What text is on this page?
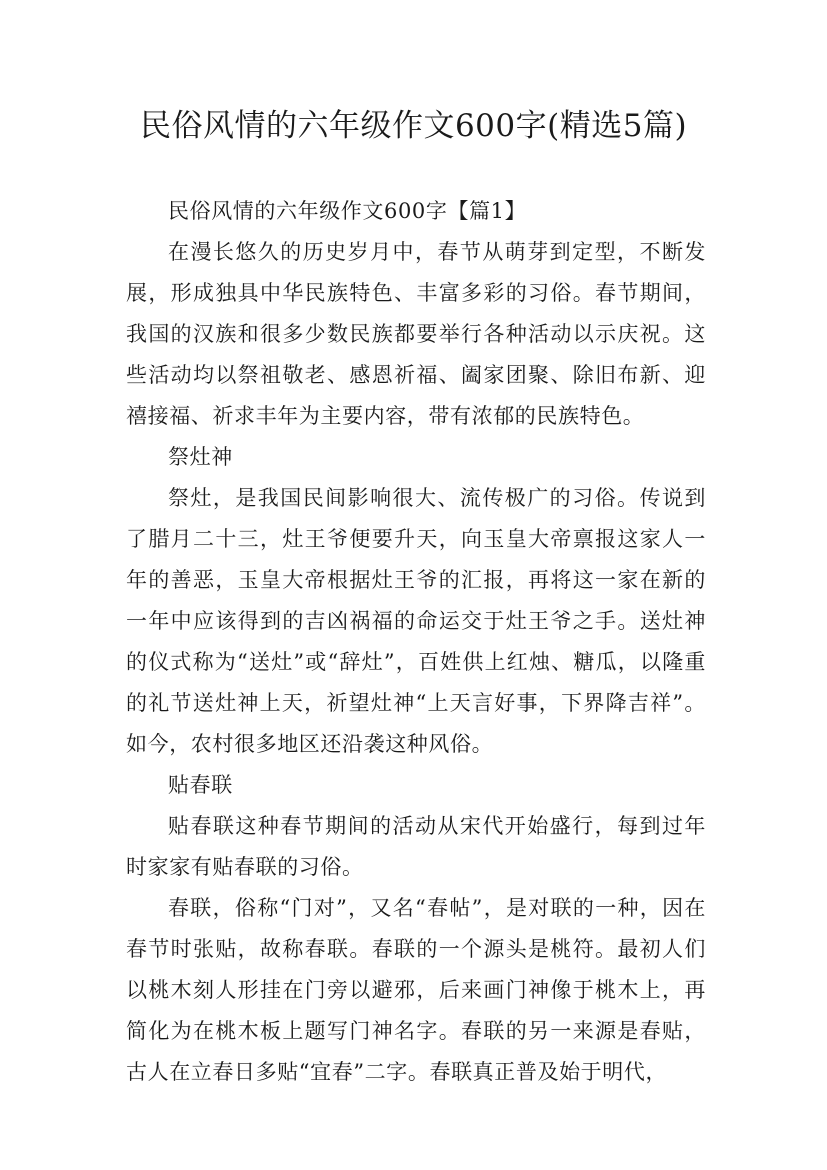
民俗风情的六年级作文600字(精选5篇)

民俗风情的六年级作文600字【篇1】

在漫长悠久的历史岁月中，春节从萌芽到定型，不断发展，形成独具中华民族特色、丰富多彩的习俗。春节期间，我国的汉族和很多少数民族都要举行各种活动以示庆祝。这些活动均以祭祖敬老、感恩祈福、阖家团聚、除旧布新、迎禧接福、祈求丰年为主要内容，带有浓郁的民族特色。

祭灶神

祭灶，是我国民间影响很大、流传极广的习俗。传说到了腊月二十三，灶王爷便要升天，向玉皇大帝禀报这家人一年的善恶，玉皇大帝根据灶王爷的汇报，再将这一家在新的一年中应该得到的吉凶祸福的命运交于灶王爷之手。送灶神的仪式称为“送灶”或“辞灶”，百姓供上红烛、糖瓜，以隆重的礼节送灶神上天，祈望灶神“上天言好事，下界降吉祥”。如今，农村很多地区还沿袭这种风俗。

贴春联

贴春联这种春节期间的活动从宋代开始盛行，每到过年时家家有贴春联的习俗。

春联，俗称“门对”，又名“春帖”，是对联的一种，因在春节时张贴，故称春联。春联的一个源头是桃符。最初人们以桃木刻人形挂在门旁以避邪，后来画门神像于桃木上，再简化为在桃木板上题写门神名字。春联的另一来源是春贴，古人在立春日多贴“宜春”二字。春联真正普及始于明代，
